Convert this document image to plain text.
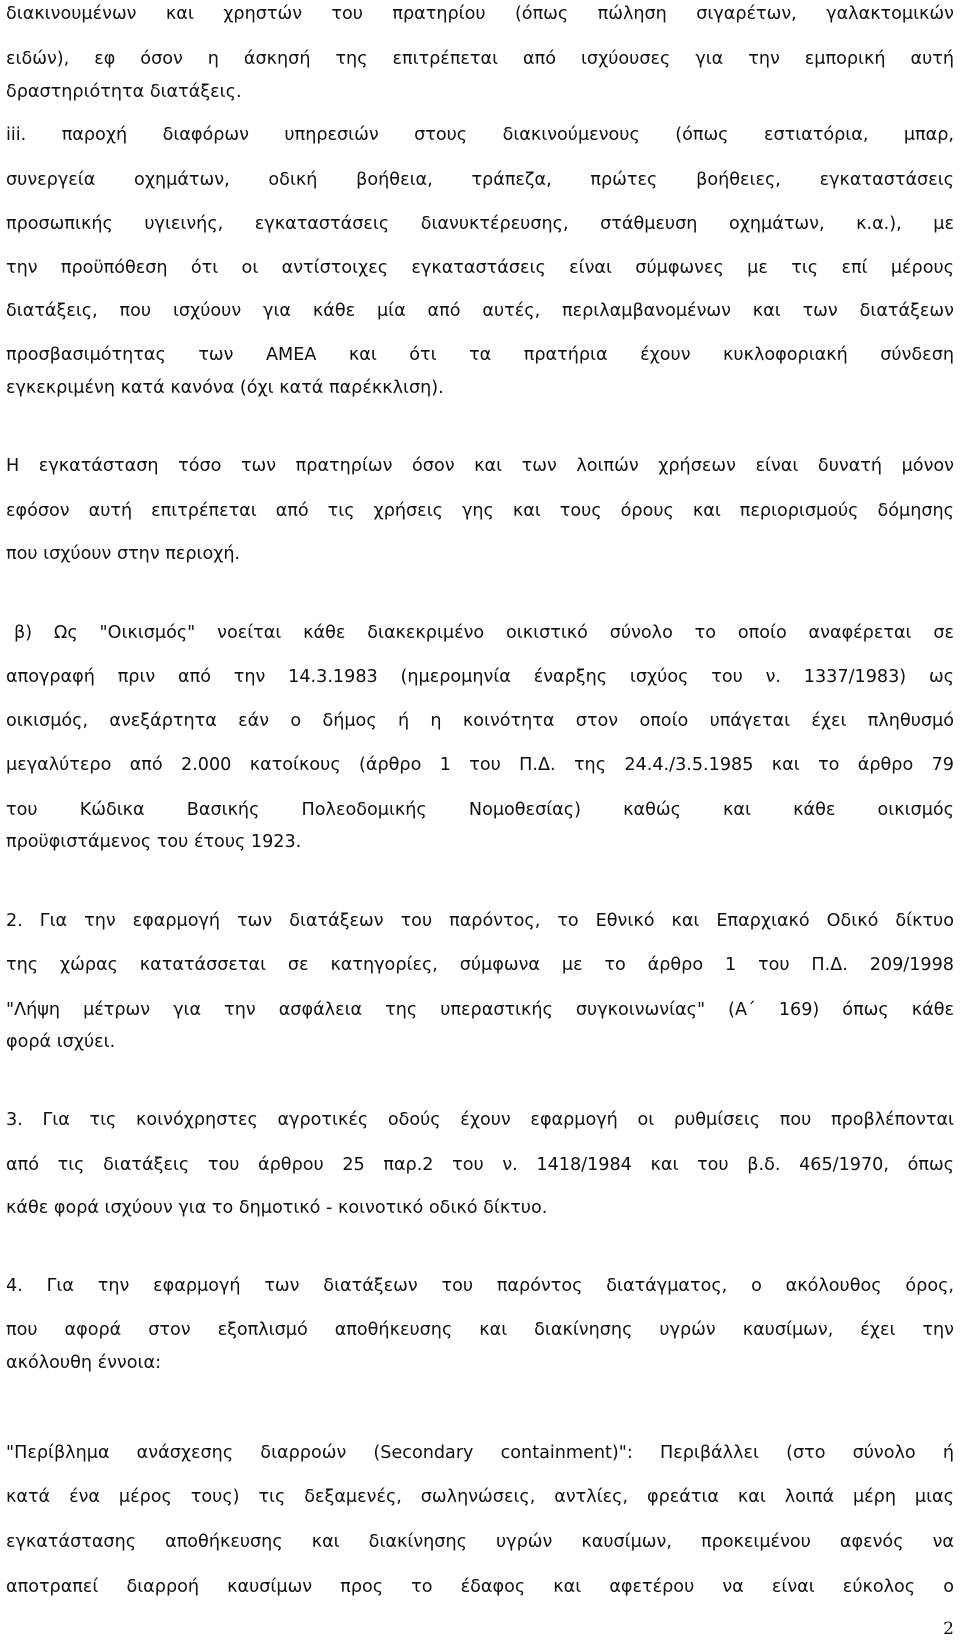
διακινουμένων και χρηστών του πρατηρίου (όπως πώληση σιγαρέτων, γαλακτομικών
ειδών), εφ όσον η άσκησή της επιτρέπεται από ισχύουσες για την εμπορική αυτή
δραστηριότητα διατάξεις.
iii. παροχή διαφόρων υπηρεσιών στους διακινούμενους (όπως εστιατόρια, μπαρ,
συνεργεία οχημάτων, οδική βοήθεια, τράπεζα, πρώτες βοήθειες, εγκαταστάσεις
προσωπικής υγιεινής, εγκαταστάσεις διανυκτέρευσης, στάθμευση οχημάτων, κ.α.), με
την προϋπόθεση ότι οι αντίστοιχες εγκαταστάσεις είναι σύμφωνες με τις επί μέρους
διατάξεις, που ισχύουν για κάθε μία από αυτές, περιλαμβανομένων και των διατάξεων
προσβασιμότητας των ΑΜΕΑ και ότι τα πρατήρια έχουν κυκλοφοριακή σύνδεση
εγκεκριμένη κατά κανόνα (όχι κατά παρέκκλιση).
Η εγκατάσταση τόσο των πρατηρίων όσον και των λοιπών χρήσεων είναι δυνατή μόνον
εφόσον αυτή επιτρέπεται από τις χρήσεις γης και τους όρους και περιορισμούς δόμησης
που ισχύουν στην περιοχή.
β) Ως "Οικισμός" νοείται κάθε διακεκριμένο οικιστικό σύνολο το οποίο αναφέρεται σε
απογραφή πριν από την 14.3.1983 (ημερομηνία έναρξης ισχύος του ν. 1337/1983) ως
οικισμός, ανεξάρτητα εάν ο δήμος ή η κοινότητα στον οποίο υπάγεται έχει πληθυσμό
μεγαλύτερο από 2.000 κατοίκους (άρθρο 1 του Π.Δ. της 24.4./3.5.1985 και το άρθρο 79
του Κώδικα Βασικής Πολεοδομικής Νομοθεσίας) καθώς και κάθε οικισμός
προϋφιστάμενος του έτους 1923.
2. Για την εφαρμογή των διατάξεων του παρόντος, το Εθνικό και Επαρχιακό Οδικό δίκτυο
της χώρας κατατάσσεται σε κατηγορίες, σύμφωνα με το άρθρο 1 του Π.Δ. 209/1998
"Λήψη μέτρων για την ασφάλεια της υπεραστικής συγκοινωνίας" (Α΄ 169) όπως κάθε
φορά ισχύει.
3. Για τις κοινόχρηστες αγροτικές οδούς έχουν εφαρμογή οι ρυθμίσεις που προβλέπονται
από τις διατάξεις του άρθρου 25 παρ.2 του ν. 1418/1984 και του β.δ. 465/1970, όπως
κάθε φορά ισχύουν για το δημοτικό - κοινοτικό οδικό δίκτυο.
4. Για την εφαρμογή των διατάξεων του παρόντος διατάγματος, ο ακόλουθος όρος,
που αφορά στον εξοπλισμό αποθήκευσης και διακίνησης υγρών καυσίμων, έχει την
ακόλουθη έννοια:
"Περίβλημα ανάσχεσης διαρροών (Secondary containment)": Περιβάλλει (στο σύνολο ή
κατά ένα μέρος τους) τις δεξαμενές, σωληνώσεις, αντλίες, φρεάτια και λοιπά μέρη μιας
εγκατάστασης αποθήκευσης και διακίνησης υγρών καυσίμων, προκειμένου αφενός να
αποτραπεί διαρροή καυσίμων προς το έδαφος και αφετέρου να είναι εύκολος ο
2
